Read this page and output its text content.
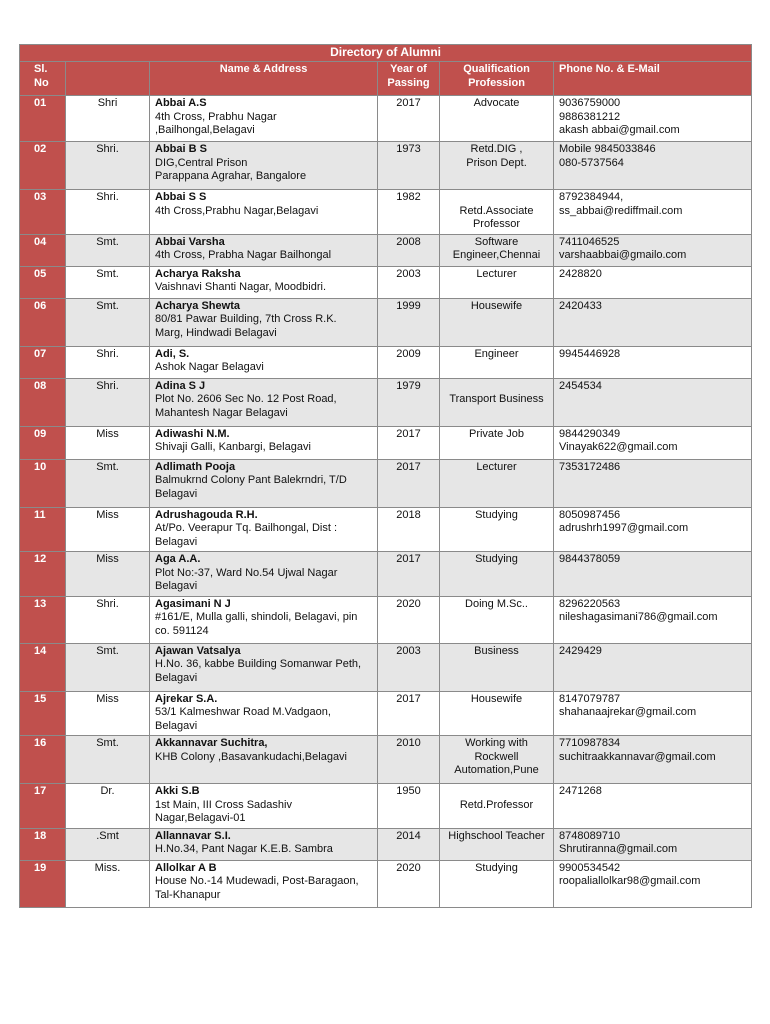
Directory of Alumni					
Sl. No		Name & Address	Year of Passing	Qualification Profession	Phone No. & E-Mail
01	Shri	Abbai A.S
4th Cross, Prabhu Nagar
,Bailhongal,Belagavi	2017	Advocate	9036759000
9886381212
akash abbai@gmail.com

02	Shri.	Abbai B S
DIG,Central Prison
Parappana Agrahar, Bangalore	1973	Retd.DIG ,
Prison Dept.	Mobile 9845033846
080-5737564

03	Shri.	Abbai S S
4th Cross,Prabhu Nagar,Belagavi	1982	Retd.Associate
Professor	8792384944,
ss_abbai@rediffmail.com

04	Smt.	Abbai Varsha
4th Cross, Prabha Nagar Bailhongal	2008	Software
Engineer,Chennai	7411046525
varshaabbai@gmailo.com

05	Smt.	Acharya Raksha
Vaishnavi Shanti Nagar, Moodbidri.	2003	Lecturer	2428820

06	Smt.	Acharya Shewta
80/81 Pawar Building, 7th Cross R.K.
Marg, Hindwadi Belagavi	1999	Housewife	2420433

07	Shri.	Adi, S.
Ashok Nagar Belagavi	2009	Engineer	9945446928

08	Shri.	Adina S J
Plot No. 2606 Sec No. 12 Post Road,
Mahantesh Nagar Belagavi	1979	Transport Business	2454534

09	Miss	Adiwashi N.M.
Shivaji Galli, Kanbargi, Belagavi	2017	Private Job	9844290349
Vinayak622@gmail.com

10	Smt.	Adlimath Pooja
Balmukrnd Colony Pant Balekrndri, T/D
Belagavi	2017	Lecturer	7353172486

11	Miss	Adrushagouda R.H.
At/Po. Veerapur Tq. Bailhongal, Dist :
Belagavi	2018	Studying	8050987456
adrushrh1997@gmail.com

12	Miss	Aga A.A.
Plot No:-37, Ward No.54 Ujwal Nagar
Belagavi	2017	Studying	9844378059

13	Shri.	Agasimani N J
#161/E, Mulla galli, shindoli, Belagavi, pin
co. 591124	2020	Doing M.Sc..	8296220563
nileshagasimani786@gmail.com

14	Smt.	Ajawan Vatsalya
H.No. 36, kabbe Building Somanwar Peth,
Belagavi	2003	Business	2429429

15	Miss	Ajrekar S.A.
53/1 Kalmeshwar Road M.Vadgaon,
Belagavi	2017	Housewife	8147079787
shahanaajrekar@gmail.com

16	Smt.	Akkannavar Suchitra,
KHB Colony ,Basavankudachi,Belagavi	2010	Working with
Rockwell
Automation,Pune	7710987834
suchitraakkannavar@gmail.com

17	Dr.	Akki S.B
1st Main, III Cross Sadashiv
Nagar,Belagavi-01	1950	Retd.Professor	2471268

18	.Smt	Allannavar S.I.
H.No.34, Pant Nagar K.E.B. Sambra	2014	Highschool Teacher	8748089710
Shrutiranna@gmail.com

19	Miss.	Allolkar A B
House No.-14 Mudewadi, Post-Baragaon,
Tal-Khanapur	2020	Studying	9900534542
roopaliallolkar98@gmail.com
